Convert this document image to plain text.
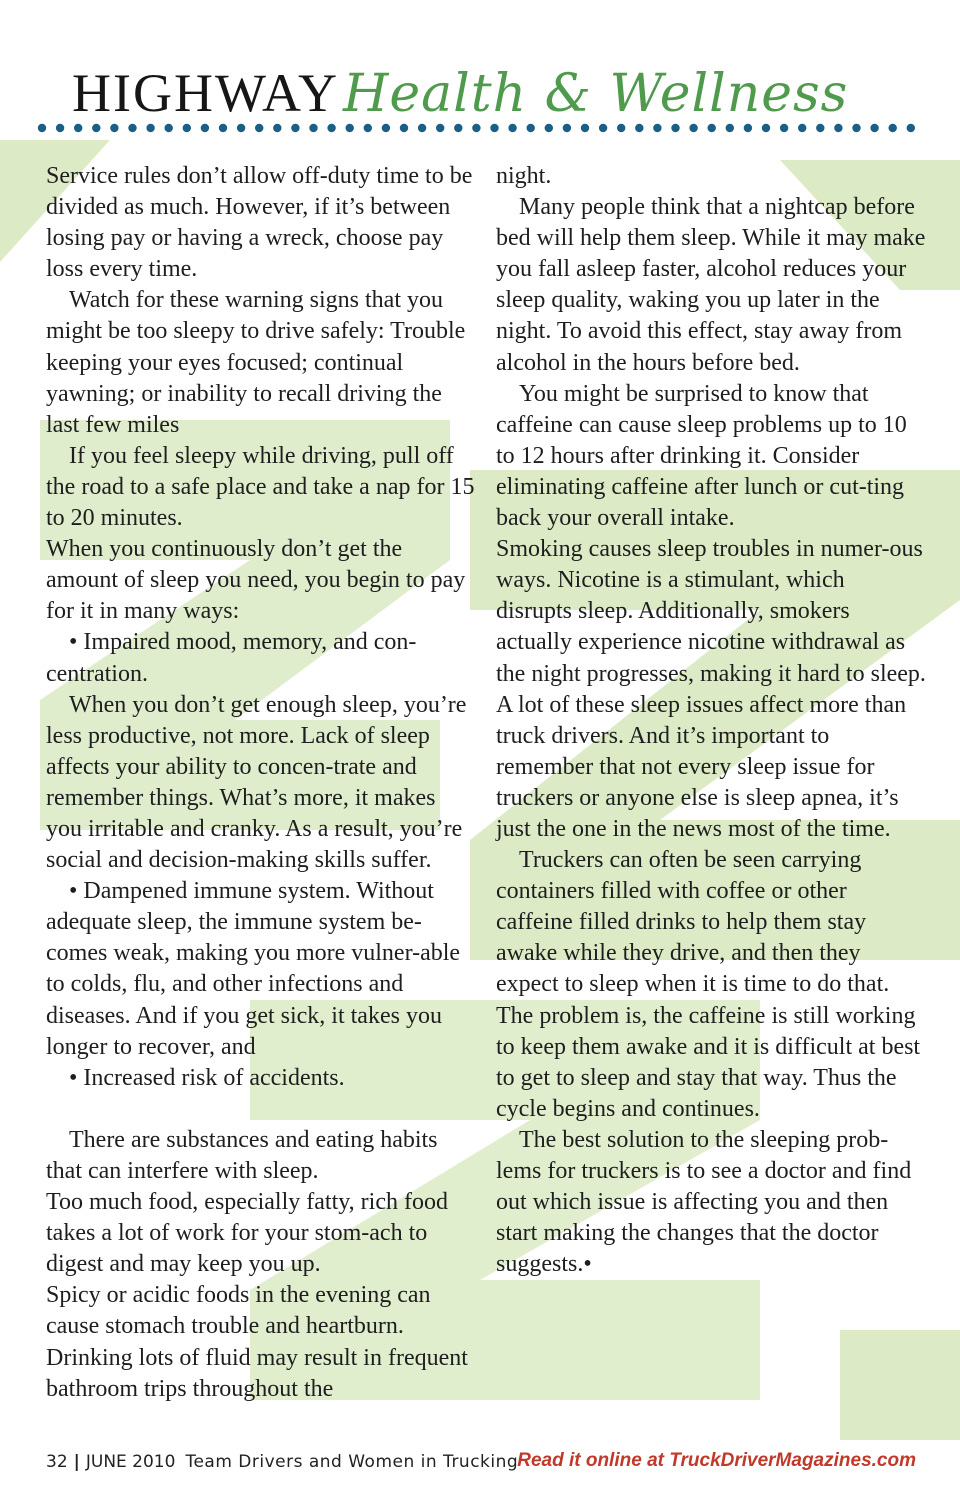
HIGHWAYHealth & Wellness

Service rules don’t allow off-duty time to be divided as much. However, if it’s between losing pay or having a wreck, choose pay loss every time.

Watch for these warning signs that you might be too sleepy to drive safely: Trouble keeping your eyes focused; continual yawning; or inability to recall driving the last few miles

If you feel sleepy while driving, pull off the road to a safe place and take a nap for 15 to 20 minutes.

When you continuously don’t get the amount of sleep you need, you begin to pay for it in many ways:

• Impaired mood, memory, and con-centration.

When you don’t get enough sleep, you’re less productive, not more. Lack of sleep affects your ability to concen-trate and remember things. What’s more, it makes you irritable and cranky. As a result, you’re social and decision-making skills suffer.

• Dampened immune system. Without adequate sleep, the immune system be-comes weak, making you more vulner-able to colds, flu, and other infections and diseases. And if you get sick, it takes you longer to recover, and

• Increased risk of accidents.

There are substances and eating habits that can interfere with sleep.

Too much food, especially fatty, rich food takes a lot of work for your stom-ach to digest and may keep you up.

Spicy or acidic foods in the evening can cause stomach trouble and heartburn.

Drinking lots of fluid may result in frequent bathroom trips throughout the

night.

Many people think that a nightcap before bed will help them sleep. While it may make you fall asleep faster, alcohol reduces your sleep quality, waking you up later in the night. To avoid this effect, stay away from alcohol in the hours before bed.

You might be surprised to know that caffeine can cause sleep problems up to 10 to 12 hours after drinking it. Consider eliminating caffeine after lunch or cut-ting back your overall intake.

Smoking causes sleep troubles in numer-ous ways. Nicotine is a stimulant, which disrupts sleep. Additionally, smokers actually experience nicotine withdrawal as the night progresses, making it hard to sleep.

A lot of these sleep issues affect more than truck drivers. And it’s important to remember that not every sleep issue for truckers or anyone else is sleep apnea, it’s just the one in the news most of the time.

Truckers can often be seen carrying containers filled with coffee or other caffeine filled drinks to help them stay awake while they drive, and then they expect to sleep when it is time to do that. The problem is, the caffeine is still working to keep them awake and it is difficult at best to get to sleep and stay that way. Thus the cycle begins and continues.

The best solution to the sleeping prob-lems for truckers is to see a doctor and find out which issue is affecting you and then start making the changes that the doctor suggests.•

32 | JUNE 2010 Team Drivers and Women in Trucking Read it online at TruckDriverMagazines.com
